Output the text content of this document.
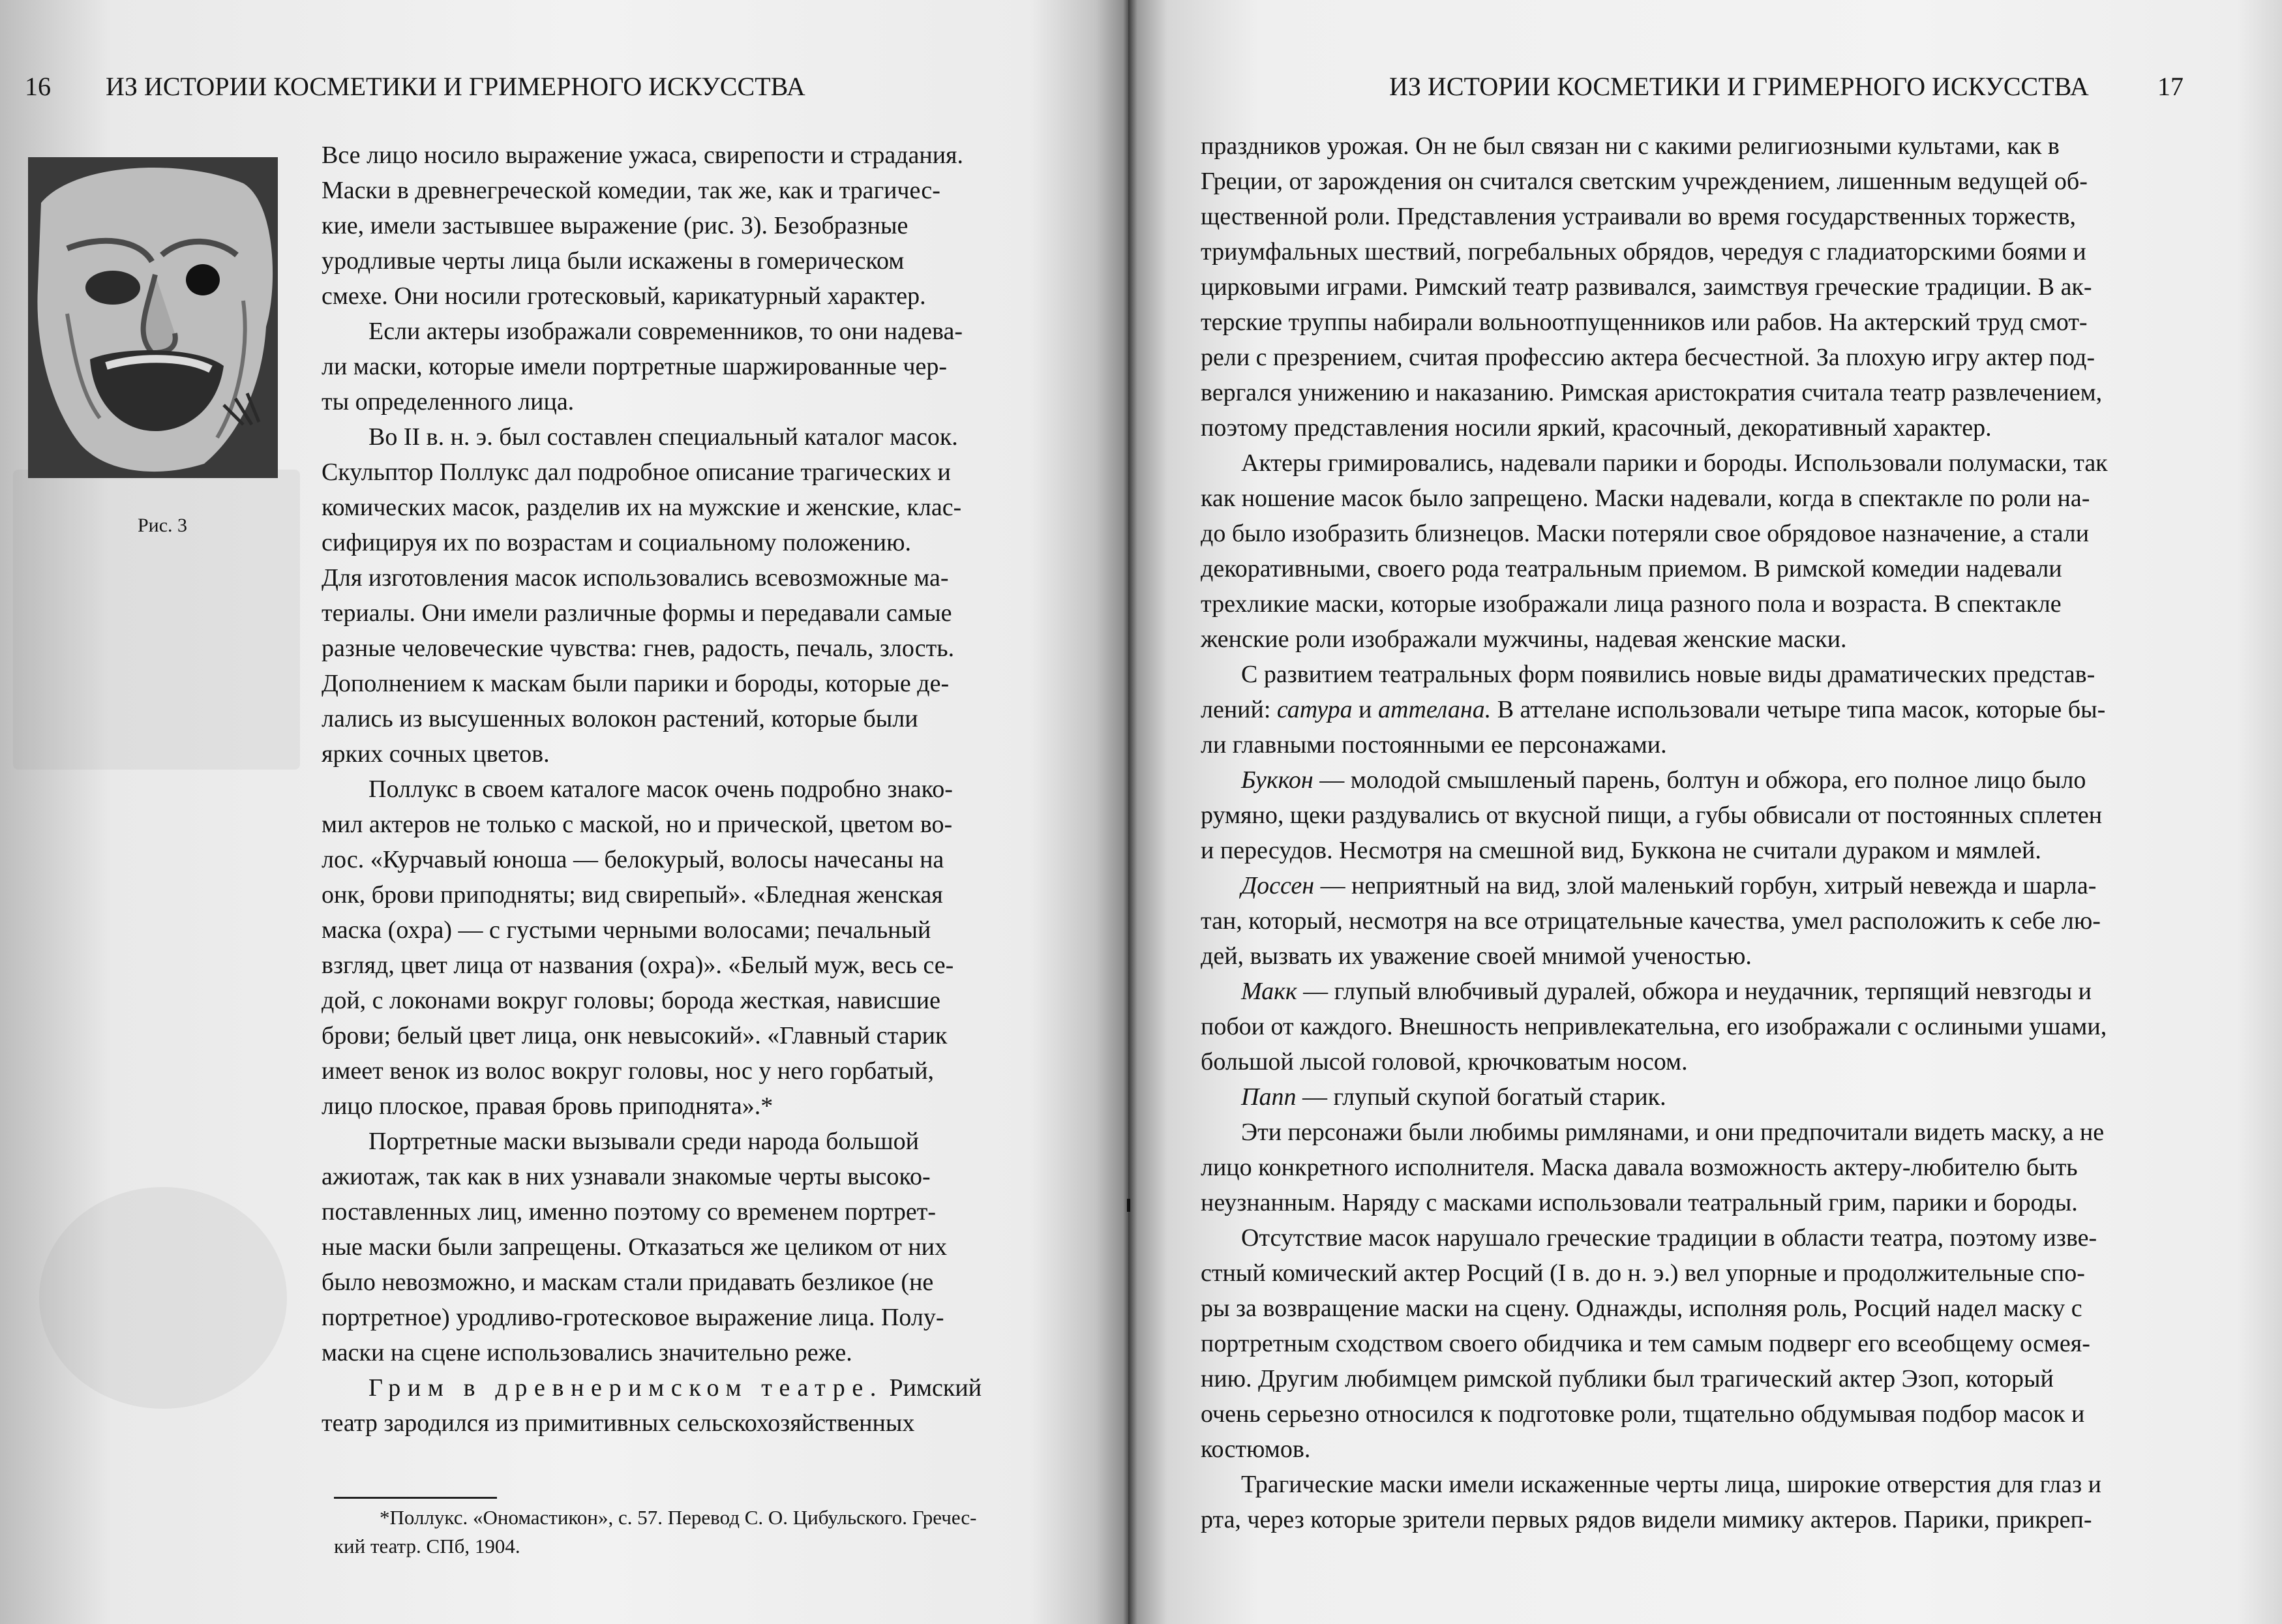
16 ИЗ ИСТОРИИ КОСМЕТИКИ И ГРИМЕРНОГО ИСКУССТВА
Рис. 3
Все лицо носило выражение ужаса, свирепости и страдания.
Маски в древнегреческой комедии, так же, как и трагичес-
кие, имели застывшее выражение (рис. 3). Безобразные
уродливые черты лица были искажены в гомерическом
смехе. Они носили гротесковый, карикатурный характер.
Если актеры изображали современников, то они надева-
ли маски, которые имели портретные шаржированные чер-
ты определенного лица.
Во II в. н. э. был составлен специальный каталог масок.
Скульптор Поллукс дал подробное описание трагических и
комических масок, разделив их на мужские и женские, клас-
сифицируя их по возрастам и социальному положению.
Для изготовления масок использовались всевозможные ма-
териалы. Они имели различные формы и передавали самые
разные человеческие чувства: гнев, радость, печаль, злость.
Дополнением к маскам были парики и бороды, которые де-
лались из высушенных волокон растений, которые были
ярких сочных цветов.
Поллукс в своем каталоге масок очень подробно знако-
мил актеров не только с маской, но и прической, цветом во-
лос. «Курчавый юноша — белокурый, волосы начесаны на
онк, брови приподняты; вид свирепый». «Бледная женская
маска (охра) — с густыми черными волосами; печальный
взгляд, цвет лица от названия (охра)». «Белый муж, весь се-
дой, с локонами вокруг головы; борода жесткая, нависшие
брови; белый цвет лица, онк невысокий». «Главный старик
имеет венок из волос вокруг головы, нос у него горбатый,
лицо плоское, правая бровь приподнята».*
Портретные маски вызывали среди народа большой
ажиотаж, так как в них узнавали знакомые черты высоко-
поставленных лиц, именно поэтому со временем портрет-
ные маски были запрещены. Отказаться же целиком от них
было невозможно, и маскам стали придавать безликое (не
портретное) уродливо-гротесковое выражение лица. Полу-
маски на сцене использовались значительно реже.
Грим в древнеримском театре. Римский
театр зародился из примитивных сельскохозяйственных
*Поллукс. «Ономастикон», с. 57. Перевод С. О. Цибульского. Гречес-
кий театр. СПб, 1904.
17
ИЗ ИСТОРИИ КОСМЕТИКИ И ГРИМЕРНОГО ИСКУССТВА
праздников урожая. Он не был связан ни с какими религиозными культами, как в
Греции, от зарождения он считался светским учреждением, лишенным ведущей об-
щественной роли. Представления устраивали во время государственных торжеств,
триумфальных шествий, погребальных обрядов, чередуя с гладиаторскими боями и
цирковыми играми. Римский театр развивался, заимствуя греческие традиции. В ак-
терские труппы набирали вольноотпущенников или рабов. На актерский труд смот-
рели с презрением, считая профессию актера бесчестной. За плохую игру актер под-
вергался унижению и наказанию. Римская аристократия считала театр развлечением,
поэтому представления носили яркий, красочный, декоративный характер.
Актеры гримировались, надевали парики и бороды. Использовали полумаски, так
как ношение масок было запрещено. Маски надевали, когда в спектакле по роли на-
до было изобразить близнецов. Маски потеряли свое обрядовое назначение, а стали
декоративными, своего рода театральным приемом. В римской комедии надевали
трехликие маски, которые изображали лица разного пола и возраста. В спектакле
женские роли изображали мужчины, надевая женские маски.
С развитием театральных форм появились новые виды драматических представ-
лений: сатура и аттелана. В аттелане использовали четыре типа масок, которые бы-
ли главными постоянными ее персонажами.
Буккон — молодой смышленый парень, болтун и обжора, его полное лицо было
румяно, щеки раздувались от вкусной пищи, а губы обвисали от постоянных сплетен
и пересудов. Несмотря на смешной вид, Буккона не считали дураком и мямлей.
Доссен — неприятный на вид, злой маленький горбун, хитрый невежда и шарла-
тан, который, несмотря на все отрицательные качества, умел расположить к себе лю-
дей, вызвать их уважение своей мнимой ученостью.
Макк — глупый влюбчивый дуралей, обжора и неудачник, терпящий невзгоды и
побои от каждого. Внешность непривлекательна, его изображали с ослиными ушами,
большой лысой головой, крючковатым носом.
Папп — глупый скупой богатый старик.
Эти персонажи были любимы римлянами, и они предпочитали видеть маску, а не
лицо конкретного исполнителя. Маска давала возможность актеру-любителю быть
неузнанным. Наряду с масками использовали театральный грим, парики и бороды.
Отсутствие масок нарушало греческие традиции в области театра, поэтому изве-
стный комический актер Росций (I в. до н. э.) вел упорные и продолжительные спо-
ры за возвращение маски на сцену. Однажды, исполняя роль, Росций надел маску с
портретным сходством своего обидчика и тем самым подверг его всеобщему осмея-
нию. Другим любимцем римской публики был трагический актер Эзоп, который
очень серьезно относился к подготовке роли, тщательно обдумывая подбор масок и
костюмов.
Трагические маски имели искаженные черты лица, широкие отверстия для глаз и
рта, через которые зрители первых рядов видели мимику актеров. Парики, прикреп-
